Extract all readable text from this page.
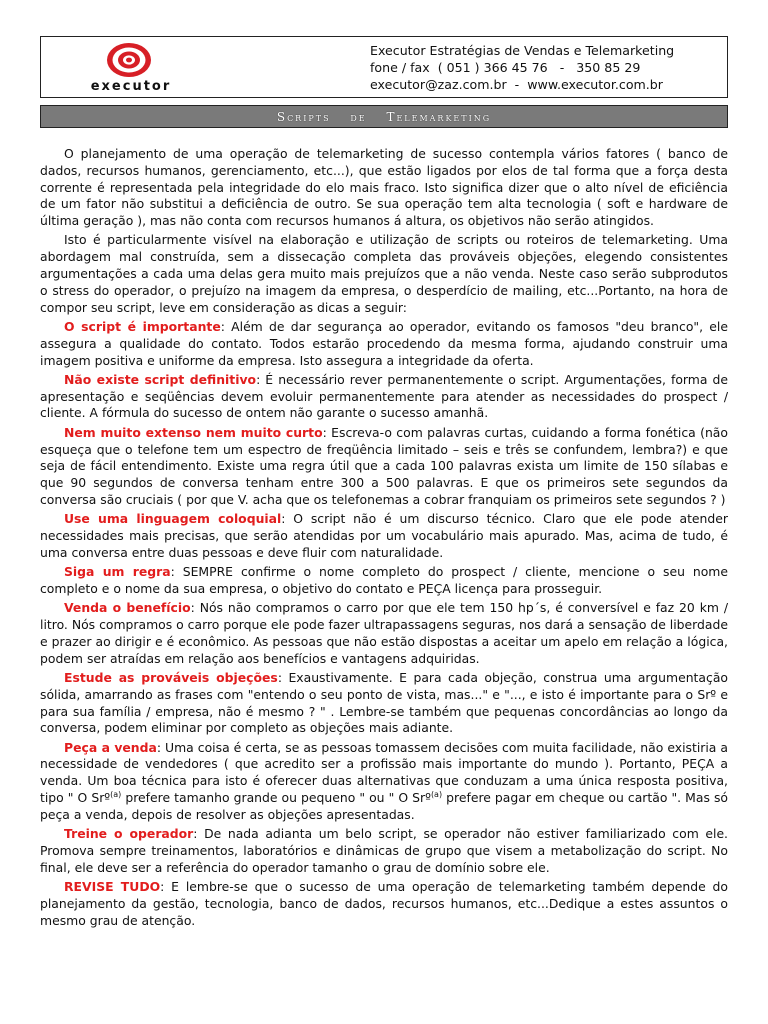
executor
Executor Estratégias de Vendas e Telemarketing
fone / fax  ( 051 ) 366 45 76   -   350 85 29
executor@zaz.com.br  -  www.executor.com.br
Scripts de Telemarketing

O planejamento de uma operação de telemarketing de sucesso contempla vários fatores ( banco de dados, recursos humanos, gerenciamento, etc...), que estão ligados por elos de tal forma que a força desta corrente é representada pela integridade do elo mais fraco. Isto significa dizer que o alto nível de eficiência de um fator não substitui a deficiência de outro. Se sua operação tem alta tecnologia ( soft e hardware de última geração ), mas não conta com recursos humanos á altura, os objetivos não serão atingidos.

Isto é particularmente visível na elaboração e utilização de scripts ou roteiros de telemarketing. Uma abordagem mal construída, sem a dissecação completa das prováveis objeções, elegendo consistentes argumentações a cada uma delas gera muito mais prejuízos que a não venda. Neste caso serão subprodutos o stress do operador, o prejuízo na imagem da empresa, o desperdício de mailing, etc...Portanto, na hora de compor seu script, leve em consideração as dicas a seguir:

O script é importante: Além de dar segurança ao operador, evitando os famosos "deu branco", ele assegura a qualidade do contato. Todos estarão procedendo da mesma forma, ajudando construir uma imagem positiva e uniforme da empresa. Isto assegura a integridade da oferta.

Não existe script definitivo: É necessário rever permanentemente o script. Argumentações, forma de apresentação e seqüências devem evoluir permanentemente para atender as necessidades do prospect / cliente. A fórmula do sucesso de ontem não garante o sucesso amanhã.

Nem muito extenso nem muito curto: Escreva-o com palavras curtas, cuidando a forma fonética (não esqueça que o telefone tem um espectro de freqüência limitado – seis e três se confundem, lembra?) e que seja de fácil entendimento. Existe uma regra útil que a cada 100 palavras exista um limite de 150 sílabas e que 90 segundos de conversa tenham entre 300 a 500 palavras. E que os primeiros sete segundos da conversa são cruciais ( por que V. acha que os telefonemas a cobrar franquiam os primeiros sete segundos ? )

Use uma linguagem coloquial: O script não é um discurso técnico. Claro que ele pode atender necessidades mais precisas, que serão atendidas por um vocabulário mais apurado. Mas, acima de tudo, é uma conversa entre duas pessoas e deve fluir com naturalidade.

Siga um regra: SEMPRE confirme o nome completo do prospect / cliente, mencione o seu nome completo e o nome da sua empresa, o objetivo do contato e PEÇA licença para prosseguir.

Venda o benefício: Nós não compramos o carro por que ele tem 150 hp´s, é conversível e faz 20 km / litro. Nós compramos o carro porque ele pode fazer ultrapassagens seguras, nos dará a sensação de liberdade e prazer ao dirigir e é econômico. As pessoas que não estão dispostas a aceitar um apelo em relação a lógica, podem ser atraídas em relação aos benefícios e vantagens adquiridas.

Estude as prováveis objeções: Exaustivamente. E para cada objeção, construa uma argumentação sólida, amarrando as frases com "entendo o seu ponto de vista, mas..." e "..., e isto é importante para o Srº e para sua família / empresa, não é mesmo ? " . Lembre-se também que pequenas concordâncias ao longo da conversa, podem eliminar por completo as objeções mais adiante.

Peça a venda: Uma coisa é certa, se as pessoas tomassem decisões com muita facilidade, não existiria a necessidade de vendedores ( que acredito ser a profissão mais importante do mundo ). Portanto, PEÇA a venda. Um boa técnica para isto é oferecer duas alternativas que conduzam a uma única resposta positiva, tipo " O Srº$^{(a)}$ prefere tamanho grande ou pequeno " ou " O Srº$^{(a)}$ prefere pagar em cheque ou cartão ". Mas só peça a venda, depois de resolver as objeções apresentadas.

Treine o operador: De nada adianta um belo script, se operador não estiver familiarizado com ele. Promova sempre treinamentos, laboratórios e dinâmicas de grupo que visem a metabolização do script. No final, ele deve ser a referência do operador tamanho o grau de domínio sobre ele.

REVISE TUDO: E lembre-se que o sucesso de uma operação de telemarketing também depende do planejamento da gestão, tecnologia, banco de dados, recursos humanos, etc...Dedique a estes assuntos o mesmo grau de atenção.
